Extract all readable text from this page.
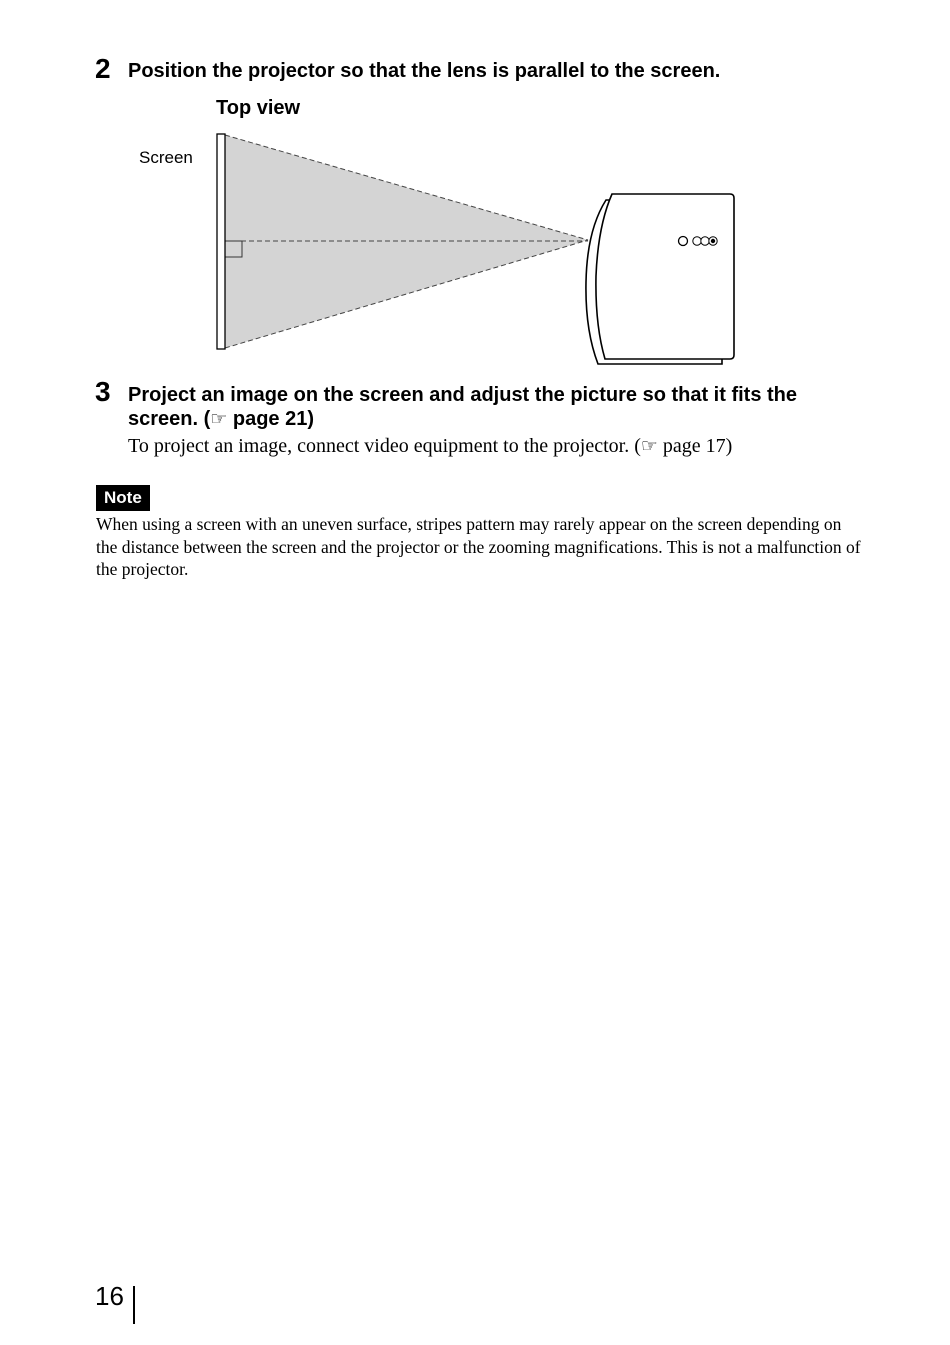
2 Position the projector so that the lens is parallel to the screen.

Top view
Screen
3 Project an image on the screen and adjust the picture so that it fits the
screen. (☞ page 21)

To project an image, connect video equipment to the projector. (☞ page 17)

Note

When using a screen with an uneven surface, stripes pattern may rarely appear on the screen depending on the distance between the screen and the projector or the zooming magnifications. This is not a malfunction of the projector.

16
